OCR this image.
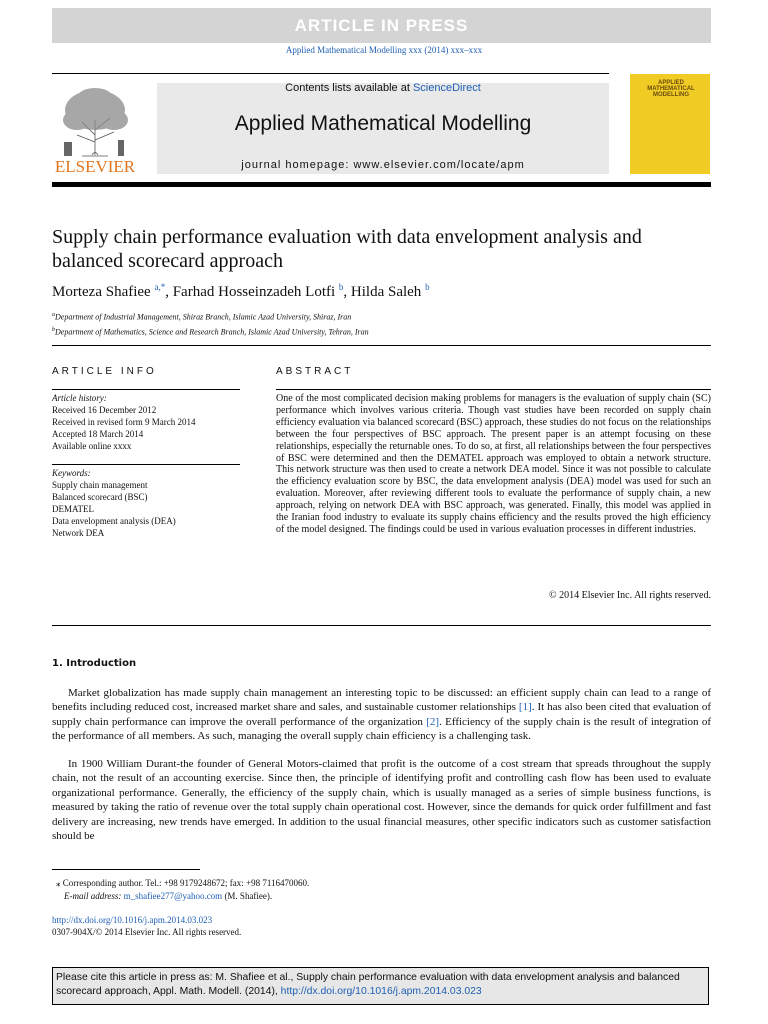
ARTICLE IN PRESS
Applied Mathematical Modelling xxx (2014) xxx–xxx
ELSEVIER
Contents lists available at ScienceDirect
Applied Mathematical Modelling
journal homepage: www.elsevier.com/locate/apm
APPLIED MATHEMATICAL MODELLING
Supply chain performance evaluation with data envelopment analysis and balanced scorecard approach
Morteza Shafiee $^{a,*}$, Farhad Hosseinzadeh Lotfi $^b$, Hilda Saleh $^b$
$^a$Department of Industrial Management, Shiraz Branch, Islamic Azad University, Shiraz, Iran
$^b$Department of Mathematics, Science and Research Branch, Islamic Azad University, Tehran, Iran
ARTICLE INFO
Article history:
Received 16 December 2012
Received in revised form 9 March 2014
Accepted 18 March 2014
Available online xxxx
Keywords:
Supply chain management
Balanced scorecard (BSC)
DEMATEL
Data envelopment analysis (DEA)
Network DEA
ABSTRACT
One of the most complicated decision making problems for managers is the evaluation of supply chain (SC) performance which involves various criteria. Though vast studies have been recorded on supply chain efficiency evaluation via balanced scorecard (BSC) approach, these studies do not focus on the relationships between the four perspectives of BSC approach. The present paper is an attempt focusing on these relationships, especially the returnable ones. To do so, at first, all relationships between the four perspectives of BSC were determined and then the DEMATEL approach was employed to obtain a network structure. This network structure was then used to create a network DEA model. Since it was not possible to calculate the efficiency evaluation score by BSC, the data envelopment analysis (DEA) model was used for such an evaluation. Moreover, after reviewing different tools to evaluate the performance of supply chain, a new approach, relying on network DEA with BSC approach, was generated. Finally, this model was applied in the Iranian food industry to evaluate its supply chains efficiency and the results proved the high efficiency of the model designed. The findings could be used in various evaluation processes in different industries.
© 2014 Elsevier Inc. All rights reserved.
1. Introduction
Market globalization has made supply chain management an interesting topic to be discussed: an efficient supply chain can lead to a range of benefits including reduced cost, increased market share and sales, and sustainable customer relationships [1]. It has also been cited that evaluation of supply chain performance can improve the overall performance of the organization [2]. Efficiency of the supply chain is the result of integration of the performance of all members. As such, managing the overall supply chain efficiency is a challenging task.
In 1900 William Durant-the founder of General Motors-claimed that profit is the outcome of a cost stream that spreads throughout the supply chain, not the result of an accounting exercise. Since then, the principle of identifying profit and controlling cash flow has been used to evaluate organizational performance. Generally, the efficiency of the supply chain, which is usually managed as a series of simple business functions, is measured by taking the ratio of revenue over the total supply chain operational cost. However, since the demands for quick order fulfillment and fast delivery are increasing, new trends have emerged. In addition to the usual financial measures, other specific indicators such as customer satisfaction should be
⁎ Corresponding author. Tel.: +98 9179248672; fax: +98 7116470060.
E-mail address: m_shafiee277@yahoo.com (M. Shafiee).
http://dx.doi.org/10.1016/j.apm.2014.03.023
0307-904X/© 2014 Elsevier Inc. All rights reserved.
Please cite this article in press as: M. Shafiee et al., Supply chain performance evaluation with data envelopment analysis and balanced scorecard approach, Appl. Math. Modell. (2014), http://dx.doi.org/10.1016/j.apm.2014.03.023
